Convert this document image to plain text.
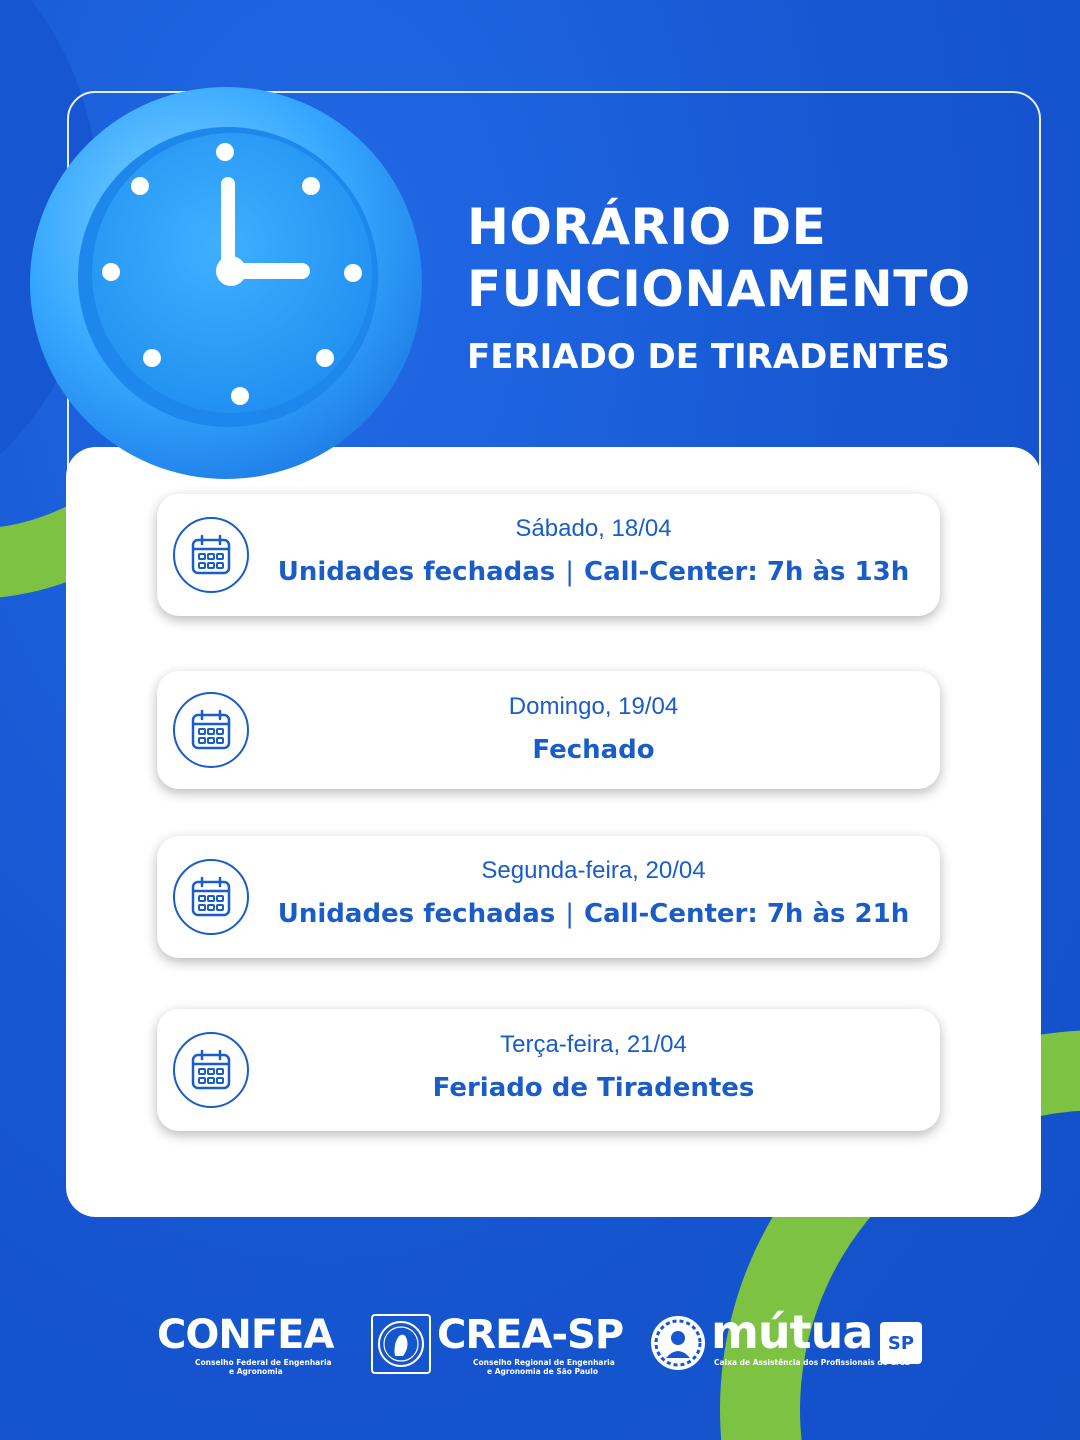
HORÁRIO DE
FUNCIONAMENTO
FERIADO DE TIRADENTES
Sábado, 18/04
Unidades fechadas | Call-Center: 7h às 13h
Domingo, 19/04
Fechado
Segunda-feira, 20/04
Unidades fechadas | Call-Center: 7h às 21h
Terça-feira, 21/04
Feriado de Tiradentes
CONFEA
Conselho Federal de Engenharia
e Agronomia
CREA-SP
Conselho Regional de Engenharia
e Agronomia de São Paulo
mútua SP
Caixa de Assistência dos Profissionais do Crea
